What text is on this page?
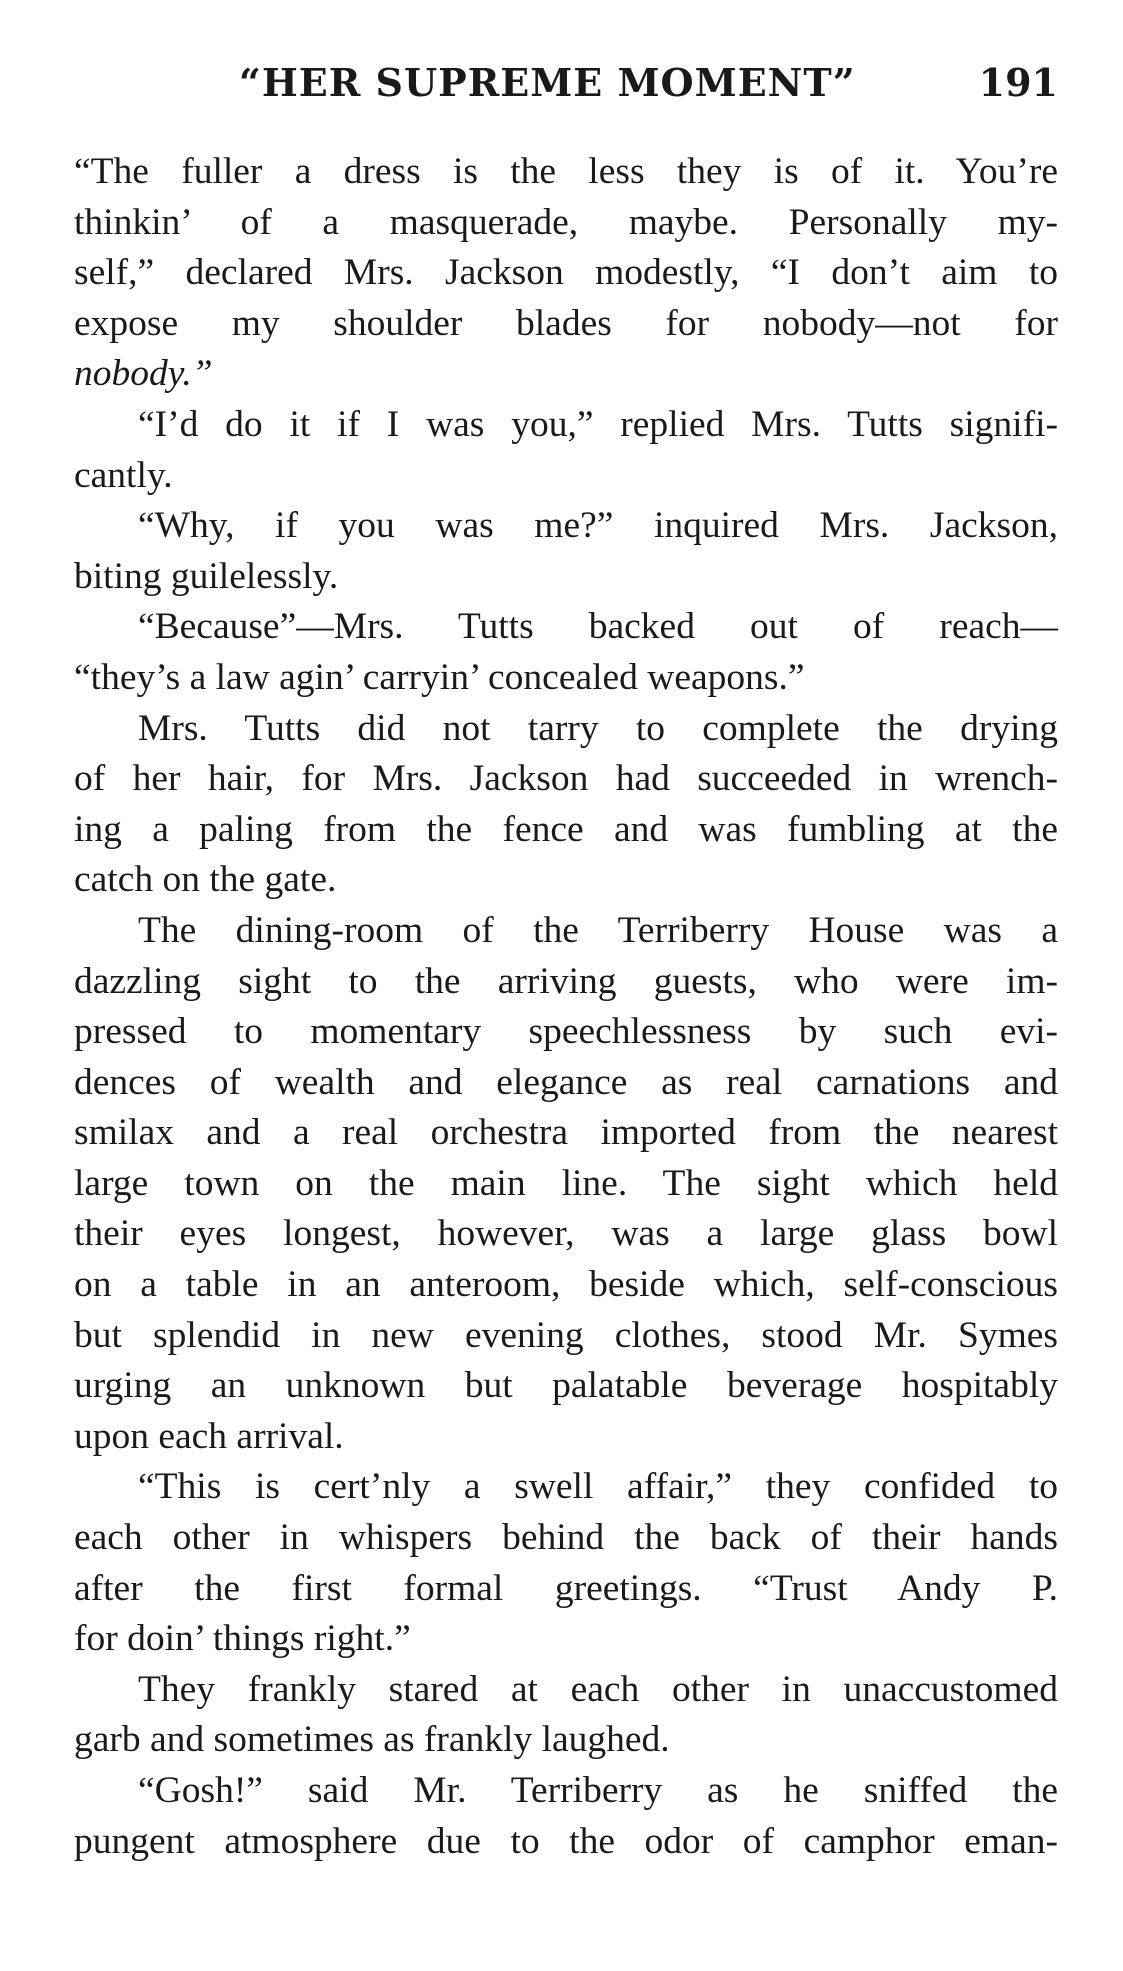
“HER SUPREME MOMENT”	191
“The fuller a dress is the less they is of it. You’re
thinkin’ of a masquerade, maybe. Personally my-
self,” declared Mrs. Jackson modestly, “I don’t aim to
expose my shoulder blades for nobody—not for
nobody.”
“I’d do it if I was you,” replied Mrs. Tutts signifi-
cantly.
“Why, if you was me?” inquired Mrs. Jackson,
biting guilelessly.
“Because”—Mrs. Tutts backed out of reach—
“they’s a law agin’ carryin’ concealed weapons.”
Mrs. Tutts did not tarry to complete the drying
of her hair, for Mrs. Jackson had succeeded in wrench-
ing a paling from the fence and was fumbling at the
catch on the gate.
The dining-room of the Terriberry House was a
dazzling sight to the arriving guests, who were im-
pressed to momentary speechlessness by such evi-
dences of wealth and elegance as real carnations and
smilax and a real orchestra imported from the nearest
large town on the main line. The sight which held
their eyes longest, however, was a large glass bowl
on a table in an anteroom, beside which, self-conscious
but splendid in new evening clothes, stood Mr. Symes
urging an unknown but palatable beverage hospitably
upon each arrival.
“This is cert’nly a swell affair,” they confided to
each other in whispers behind the back of their hands
after the first formal greetings. “Trust Andy P.
for doin’ things right.”
They frankly stared at each other in unaccustomed
garb and sometimes as frankly laughed.
“Gosh!” said Mr. Terriberry as he sniffed the
pungent atmosphere due to the odor of camphor eman-
